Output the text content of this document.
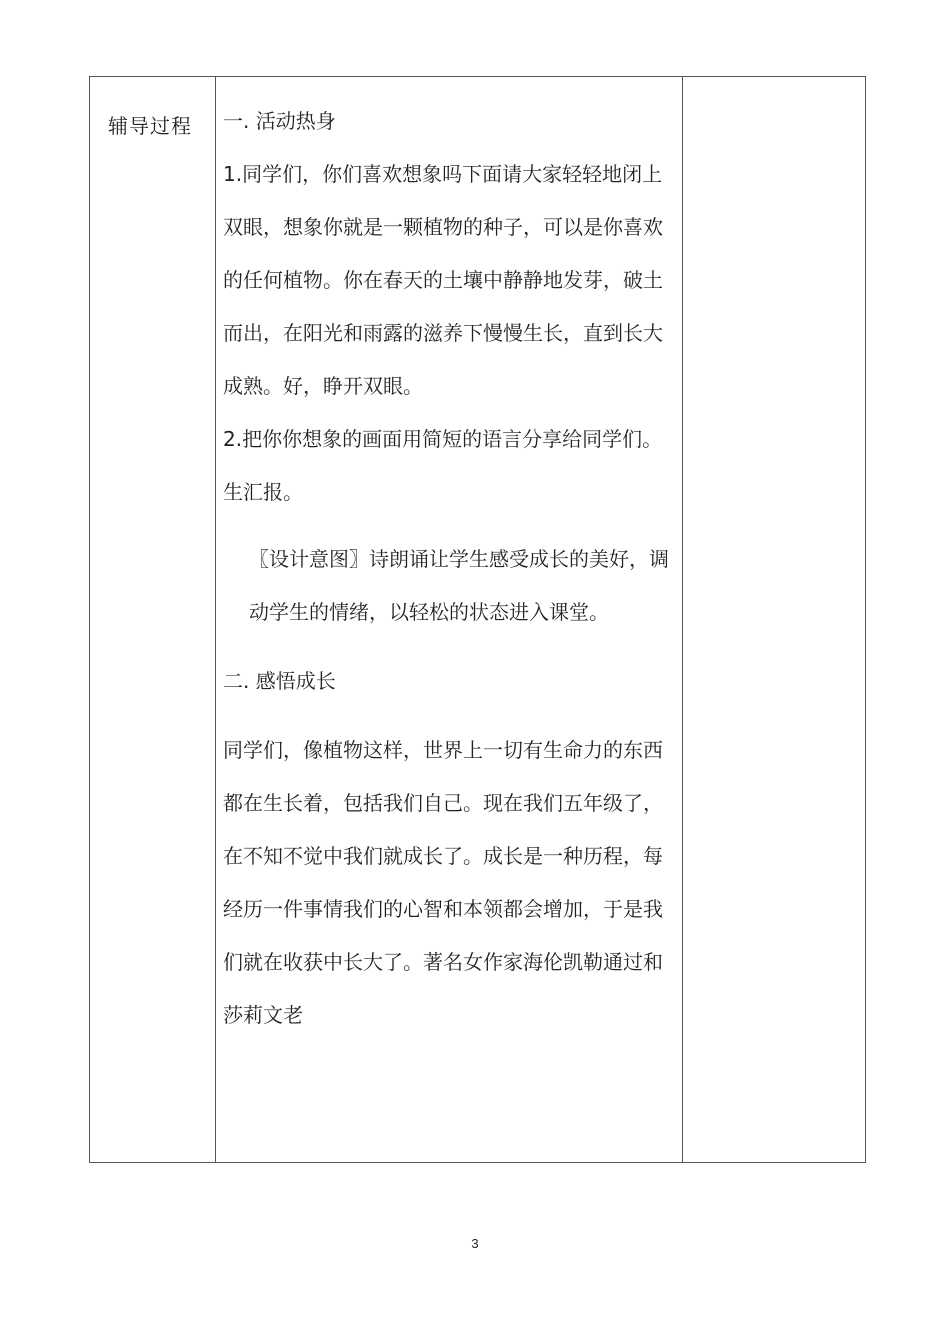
辅导过程 一. 活动热身

1.同学们，你们喜欢想象吗下面请大家轻轻地闭上双眼，想象你就是一颗植物的种子，可以是你喜欢的任何植物。你在春天的土壤中静静地发芽，破土而出，在阳光和雨露的滋养下慢慢生长，直到长大成熟。好，睁开双眼。

2.把你你想象的画面用简短的语言分享给同学们。

生汇报。

〖设计意图〗诗朗诵让学生感受成长的美好，调动学生的情绪，以轻松的状态进入课堂。

二. 感悟成长

同学们，像植物这样，世界上一切有生命力的东西都在生长着，包括我们自己。现在我们五年级了，在不知不觉中我们就成长了。成长是一种历程，每经历一件事情我们的心智和本领都会增加，于是我们就在收获中长大了。著名女作家海伦凯勒通过和莎莉文老

3
